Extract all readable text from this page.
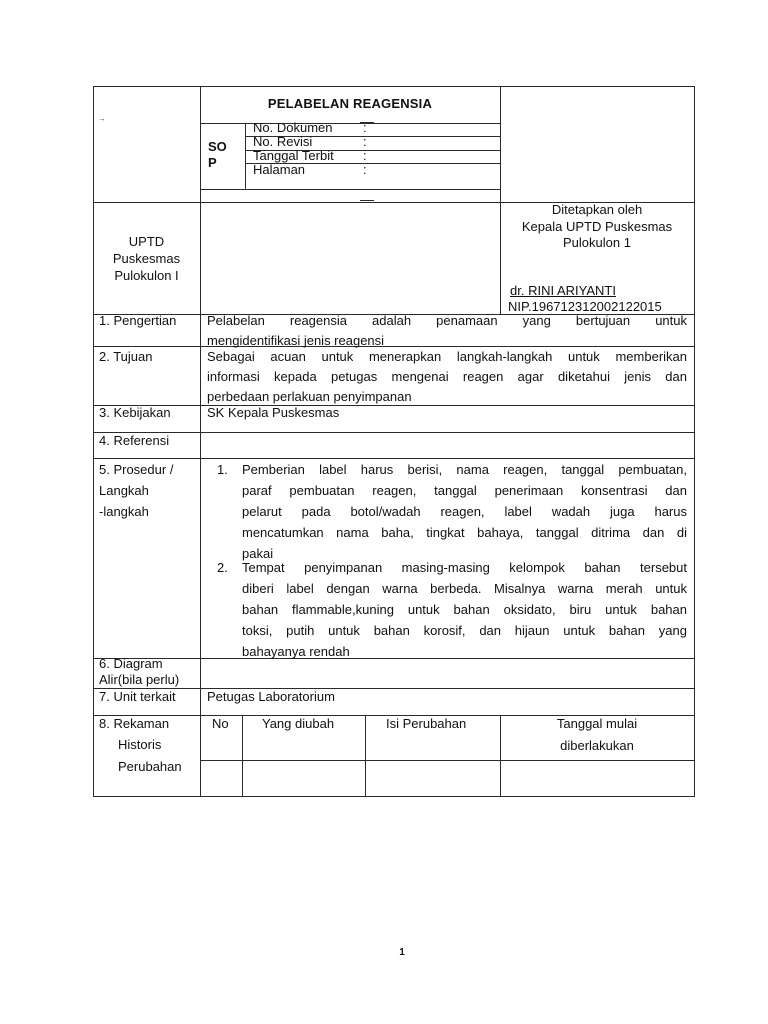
→
PELABELAN REAGENSIA
SO
P
No. Dokumen :
No. Revisi	:
Tanggal Terbit :
Halaman	:
UPTD
Puskesmas
Pulokulon I
Ditetapkan oleh
Kepala UPTD Puskesmas
Pulokulon 1
dr. RINI ARIYANTI
NIP.196712312002122015
1. Pengertian Pelabelan reagensia adalah penamaan yang bertujuan untuk
mengidentifikasi jenis reagensi
2. Tujuan	Sebagai acuan untuk menerapkan langkah-langkah untuk memberikan
informasi kepada petugas mengenai reagen agar diketahui jenis dan
perbedaan perlakuan penyimpanan
3. Kebijakan	SK Kepala Puskesmas
4. Referensi
5. Prosedur /
Langkah
-langkah
1. Pemberian label harus berisi, nama reagen, tanggal pembuatan,
paraf pembuatan reagen, tanggal penerimaan konsentrasi dan
pelarut pada botol/wadah reagen, label wadah juga harus
mencatumkan nama baha, tingkat bahaya, tanggal ditrima dan di
pakai
2. Tempat penyimpanan masing-masing kelompok bahan tersebut
diberi label dengan warna berbeda. Misalnya warna merah untuk
bahan flammable,kuning untuk bahan oksidato, biru untuk bahan
toksi, putih untuk bahan korosif, dan hijaun untuk bahan yang
bahayanya rendah
6. Diagram
Alir(bila perlu)
7. Unit terkait Petugas Laboratorium
8. Rekaman
Historis
Perubahan
No	Yang diubah	Isi Perubahan	Tanggal mulai
diberlakukan
1
